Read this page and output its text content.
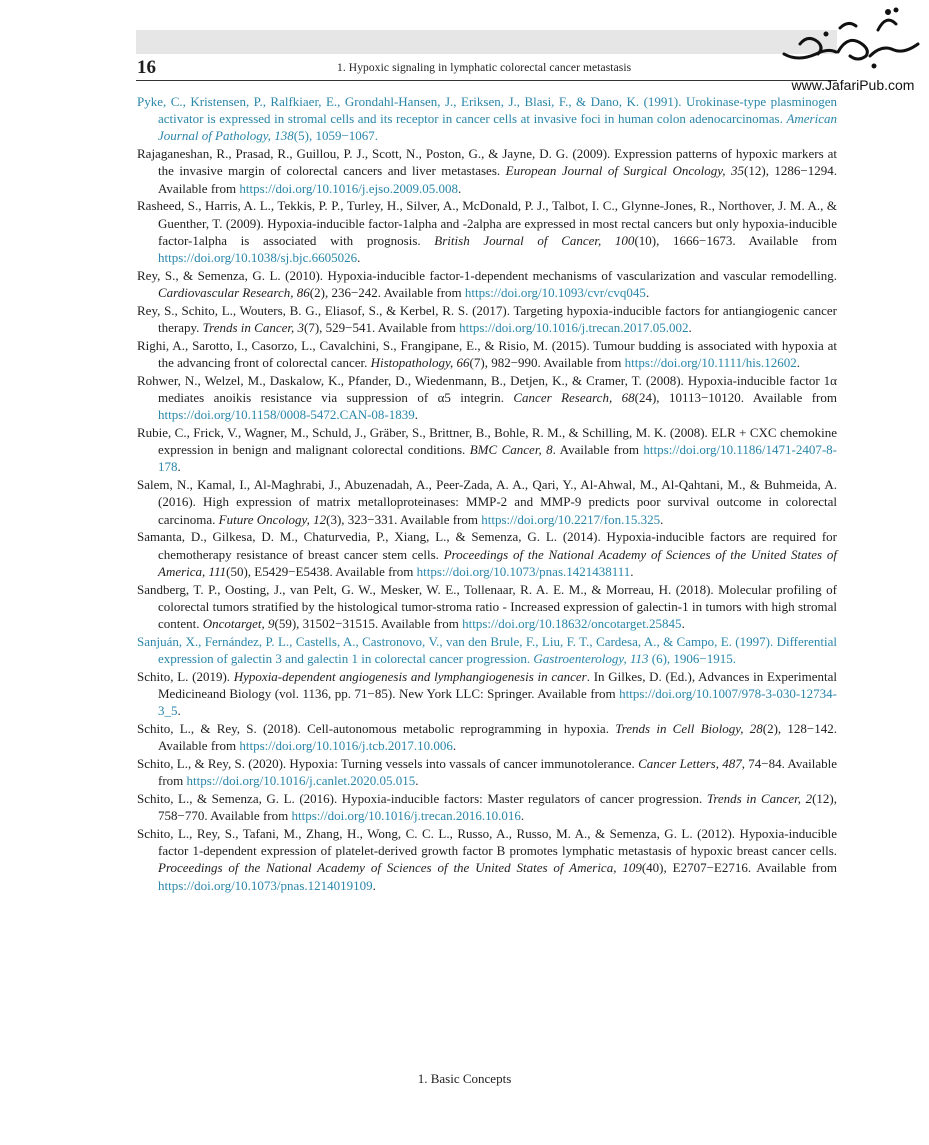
16	1. Hypoxic signaling in lymphatic colorectal cancer metastasis
www.JafariPub.com
Pyke, C., Kristensen, P., Ralfkiaer, E., Grondahl-Hansen, J., Eriksen, J., Blasi, F., & Dano, K. (1991). Urokinase-type plasminogen activator is expressed in stromal cells and its receptor in cancer cells at invasive foci in human colon adenocarcinomas. American Journal of Pathology, 138(5), 1059−1067.
Rajaganeshan, R., Prasad, R., Guillou, P. J., Scott, N., Poston, G., & Jayne, D. G. (2009). Expression patterns of hypoxic markers at the invasive margin of colorectal cancers and liver metastases. European Journal of Surgical Oncology, 35(12), 1286−1294. Available from https://doi.org/10.1016/j.ejso.2009.05.008.
Rasheed, S., Harris, A. L., Tekkis, P. P., Turley, H., Silver, A., McDonald, P. J., Talbot, I. C., Glynne-Jones, R., Northover, J. M. A., & Guenther, T. (2009). Hypoxia-inducible factor-1alpha and -2alpha are expressed in most rectal cancers but only hypoxia-inducible factor-1alpha is associated with prognosis. British Journal of Cancer, 100(10), 1666−1673. Available from https://doi.org/10.1038/sj.bjc.6605026.
Rey, S., & Semenza, G. L. (2010). Hypoxia-inducible factor-1-dependent mechanisms of vascularization and vascular remodelling. Cardiovascular Research, 86(2), 236−242. Available from https://doi.org/10.1093/cvr/cvq045.
Rey, S., Schito, L., Wouters, B. G., Eliasof, S., & Kerbel, R. S. (2017). Targeting hypoxia-inducible factors for antiangiogenic cancer therapy. Trends in Cancer, 3(7), 529−541. Available from https://doi.org/10.1016/j.trecan.2017.05.002.
Righi, A., Sarotto, I., Casorzo, L., Cavalchini, S., Frangipane, E., & Risio, M. (2015). Tumour budding is associated with hypoxia at the advancing front of colorectal cancer. Histopathology, 66(7), 982−990. Available from https://doi.org/10.1111/his.12602.
Rohwer, N., Welzel, M., Daskalow, K., Pfander, D., Wiedenmann, B., Detjen, K., & Cramer, T. (2008). Hypoxia-inducible factor 1α mediates anoikis resistance via suppression of α5 integrin. Cancer Research, 68(24), 10113−10120. Available from https://doi.org/10.1158/0008-5472.CAN-08-1839.
Rubie, C., Frick, V., Wagner, M., Schuld, J., Gräber, S., Brittner, B., Bohle, R. M., & Schilling, M. K. (2008). ELR + CXC chemokine expression in benign and malignant colorectal conditions. BMC Cancer, 8. Available from https://doi.org/10.1186/1471-2407-8-178.
Salem, N., Kamal, I., Al-Maghrabi, J., Abuzenadah, A., Peer-Zada, A. A., Qari, Y., Al-Ahwal, M., Al-Qahtani, M., & Buhmeida, A. (2016). High expression of matrix metalloproteinases: MMP-2 and MMP-9 predicts poor survival outcome in colorectal carcinoma. Future Oncology, 12(3), 323−331. Available from https://doi.org/10.2217/fon.15.325.
Samanta, D., Gilkesa, D. M., Chaturvedia, P., Xiang, L., & Semenza, G. L. (2014). Hypoxia-inducible factors are required for chemotherapy resistance of breast cancer stem cells. Proceedings of the National Academy of Sciences of the United States of America, 111(50), E5429−E5438. Available from https://doi.org/10.1073/pnas.1421438111.
Sandberg, T. P., Oosting, J., van Pelt, G. W., Mesker, W. E., Tollenaar, R. A. E. M., & Morreau, H. (2018). Molecular profiling of colorectal tumors stratified by the histological tumor-stroma ratio - Increased expression of galectin-1 in tumors with high stromal content. Oncotarget, 9(59), 31502−31515. Available from https://doi.org/10.18632/oncotarget.25845.
Sanjuán, X., Fernández, P. L., Castells, A., Castronovo, V., van den Brule, F., Liu, F. T., Cardesa, A., & Campo, E. (1997). Differential expression of galectin 3 and galectin 1 in colorectal cancer progression. Gastroenterology, 113 (6), 1906−1915.
Schito, L. (2019). Hypoxia-dependent angiogenesis and lymphangiogenesis in cancer. In Gilkes, D. (Ed.), Advances in Experimental Medicineand Biology (vol. 1136, pp. 71−85). New York LLC: Springer. Available from https://doi.org/10.1007/978-3-030-12734-3_5.
Schito, L., & Rey, S. (2018). Cell-autonomous metabolic reprogramming in hypoxia. Trends in Cell Biology, 28(2), 128−142. Available from https://doi.org/10.1016/j.tcb.2017.10.006.
Schito, L., & Rey, S. (2020). Hypoxia: Turning vessels into vassals of cancer immunotolerance. Cancer Letters, 487, 74−84. Available from https://doi.org/10.1016/j.canlet.2020.05.015.
Schito, L., & Semenza, G. L. (2016). Hypoxia-inducible factors: Master regulators of cancer progression. Trends in Cancer, 2(12), 758−770. Available from https://doi.org/10.1016/j.trecan.2016.10.016.
Schito, L., Rey, S., Tafani, M., Zhang, H., Wong, C. C. L., Russo, A., Russo, M. A., & Semenza, G. L. (2012). Hypoxia-inducible factor 1-dependent expression of platelet-derived growth factor B promotes lymphatic metastasis of hypoxic breast cancer cells. Proceedings of the National Academy of Sciences of the United States of America, 109(40), E2707−E2716. Available from https://doi.org/10.1073/pnas.1214019109.
1. Basic Concepts
